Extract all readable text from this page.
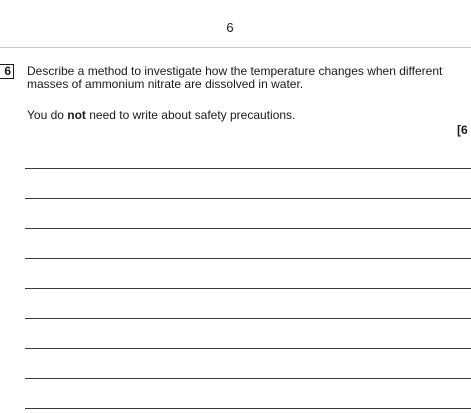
6
6 Describe a method to investigate how the temperature changes when different masses of ammonium nitrate are dissolved in water.
You do not need to write about safety precautions.
[6
